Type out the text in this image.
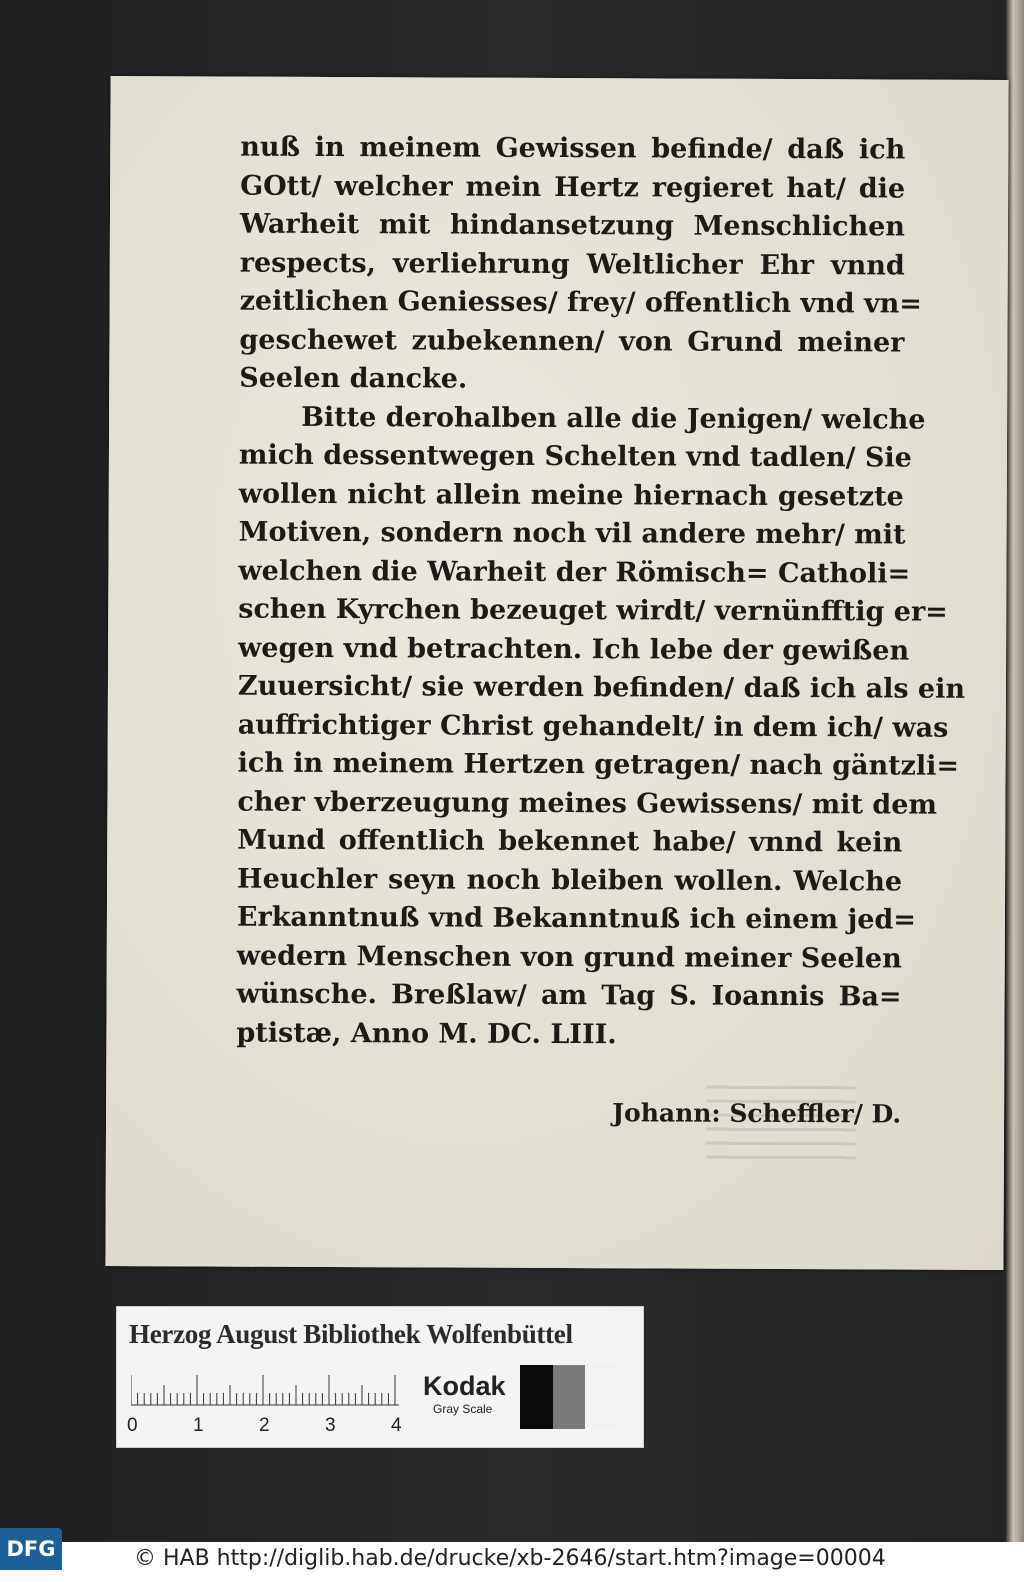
nuß in meinem Gewissen befinde/ daß ich
GOtt/ welcher mein Hertz regieret hat/ die
Warheit mit hindansetzung Menschlichen
respects, verliehrung Weltlicher Ehr vnnd
zeitlichen Geniesses/ frey/ offentlich vnd vn=
geschewet zubekennen/ von Grund meiner
Seelen dancke.
Bitte derohalben alle die Jenigen/ welche
mich dessentwegen Schelten vnd tadlen/ Sie
wollen nicht allein meine hiernach gesetzte
Motiven, sondern noch vil andere mehr/ mit
welchen die Warheit der Römisch= Catholi=
schen Kyrchen bezeuget wirdt/ vernünfftig er=
wegen vnd betrachten. Ich lebe der gewißen
Zuuersicht/ sie werden befinden/ daß ich als ein
auffrichtiger Christ gehandelt/ in dem ich/ was
ich in meinem Hertzen getragen/ nach gäntzli=
cher vberzeugung meines Gewissens/ mit dem
Mund offentlich bekennet habe/ vnnd kein
Heuchler seyn noch bleiben wollen. Welche
Erkanntnuß vnd Bekanntnuß ich einem jed=
wedern Menschen von grund meiner Seelen
wünsche. Breßlaw/ am Tag S. Ioannis Ba=
ptistæ, Anno M. DC. LIII.
Johann: Scheffler/ D.
Herzog August Bibliothek Wolfenbüttel
0	1	2	3	4
Kodak
Gray Scale
DFG	© HAB http://diglib.hab.de/drucke/xb-2646/start.htm?image=00004
